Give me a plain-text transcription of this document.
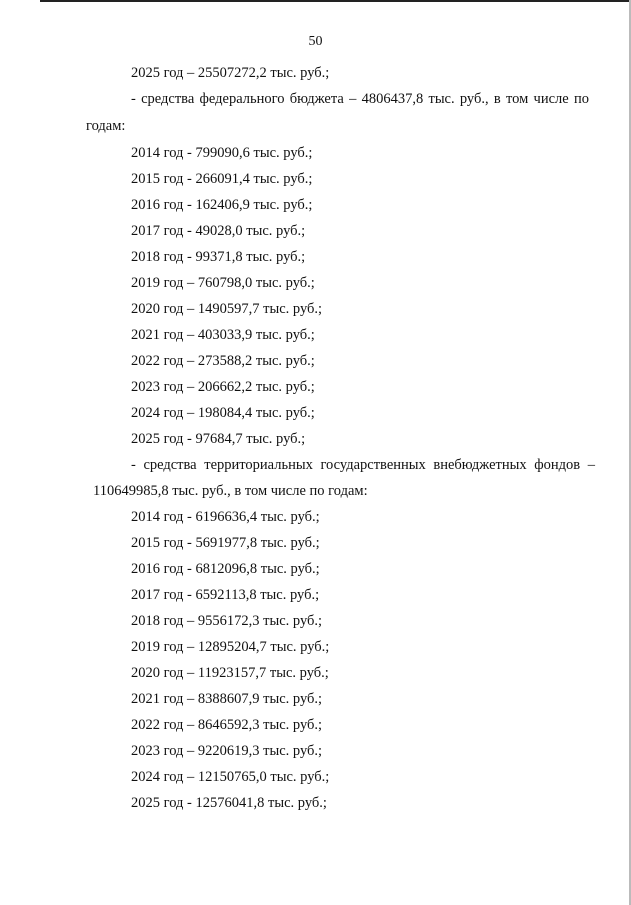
50
2025 год – 25507272,2 тыс. руб.;
- средства федерального бюджета – 4806437,8 тыс. руб., в том числе по
годам:
2014 год - 799090,6 тыс. руб.;
2015 год - 266091,4 тыс. руб.;
2016 год - 162406,9 тыс. руб.;
2017 год - 49028,0 тыс. руб.;
2018 год - 99371,8 тыс. руб.;
2019 год – 760798,0 тыс. руб.;
2020 год – 1490597,7 тыс. руб.;
2021 год – 403033,9 тыс. руб.;
2022 год – 273588,2 тыс. руб.;
2023 год – 206662,2 тыс. руб.;
2024 год – 198084,4 тыс. руб.;
2025 год - 97684,7 тыс. руб.;
- средства территориальных государственных внебюджетных фондов –
110649985,8 тыс. руб., в том числе по годам:
2014 год - 6196636,4 тыс. руб.;
2015 год - 5691977,8 тыс. руб.;
2016 год - 6812096,8 тыс. руб.;
2017 год - 6592113,8 тыс. руб.;
2018 год – 9556172,3 тыс. руб.;
2019 год – 12895204,7 тыс. руб.;
2020 год – 11923157,7 тыс. руб.;
2021 год – 8388607,9 тыс. руб.;
2022 год – 8646592,3 тыс. руб.;
2023 год – 9220619,3 тыс. руб.;
2024 год – 12150765,0 тыс. руб.;
2025 год - 12576041,8 тыс. руб.;
